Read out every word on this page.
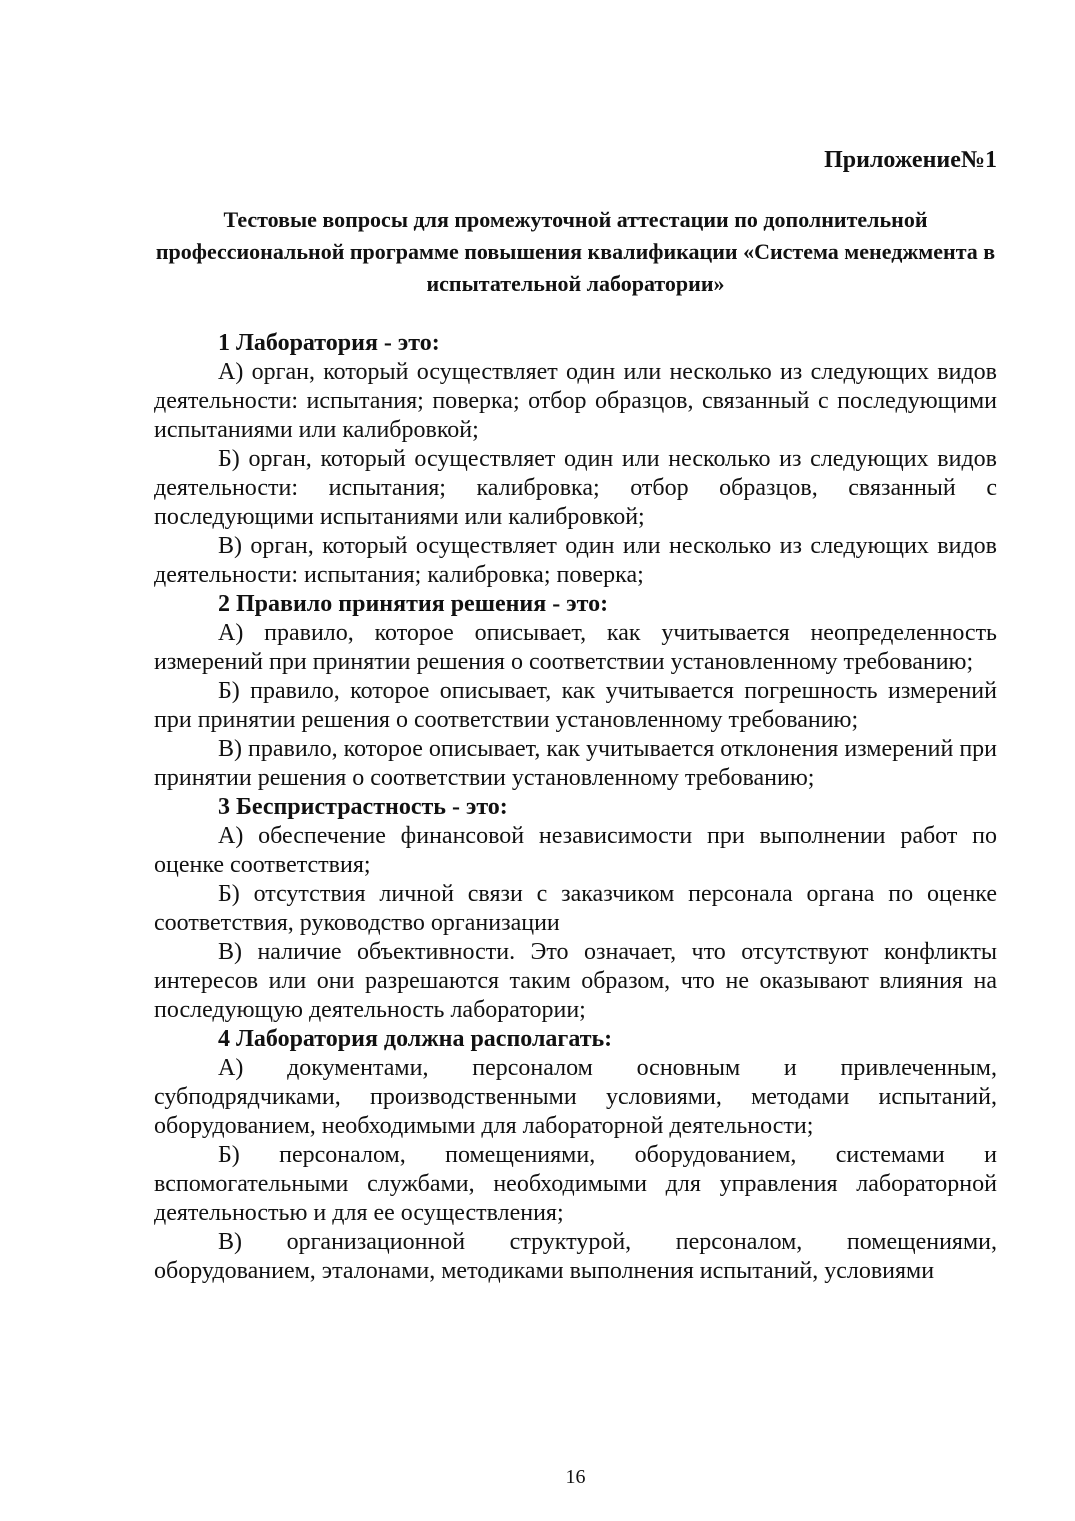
Приложение№1

Тестовые вопросы для промежуточной аттестации по дополнительной профессиональной программе повышения квалификации «Система менеджмента в испытательной лаборатории»

1 Лаборатория - это:

А) орган, который осуществляет один или несколько из следующих видов деятельности: испытания; поверка; отбор образцов, связанный с последующими испытаниями или калибровкой;

Б) орган, который осуществляет один или несколько из следующих видов деятельности: испытания; калибровка; отбор образцов, связанный с последующими испытаниями или калибровкой;

В) орган, который осуществляет один или несколько из следующих видов деятельности: испытания; калибровка; поверка;

2 Правило принятия решения - это:

А) правило, которое описывает, как учитывается неопределенность измерений при принятии решения о соответствии установленному требованию;

Б) правило, которое описывает, как учитывается погрешность измерений при принятии решения о соответствии установленному требованию;

В) правило, которое описывает, как учитывается отклонения измерений при принятии решения о соответствии установленному требованию;

3 Беспристрастность - это:

А) обеспечение финансовой независимости при выполнении работ по оценке соответствия;

Б) отсутствия личной связи с заказчиком персонала органа по оценке соответствия, руководство организации

В) наличие объективности. Это означает, что отсутствуют конфликты интересов или они разрешаются таким образом, что не оказывают влияния на последующую деятельность лаборатории;

4 Лаборатория должна располагать:

А) документами, персоналом основным и привлеченным, субподрядчиками, производственными условиями, методами испытаний, оборудованием, необходимыми для лабораторной деятельности;

Б) персоналом, помещениями, оборудованием, системами и вспомогательными службами, необходимыми для управления лабораторной деятельностью и для ее осуществления;

В) организационной структурой, персоналом, помещениями, оборудованием, эталонами, методиками выполнения испытаний, условиями

16
